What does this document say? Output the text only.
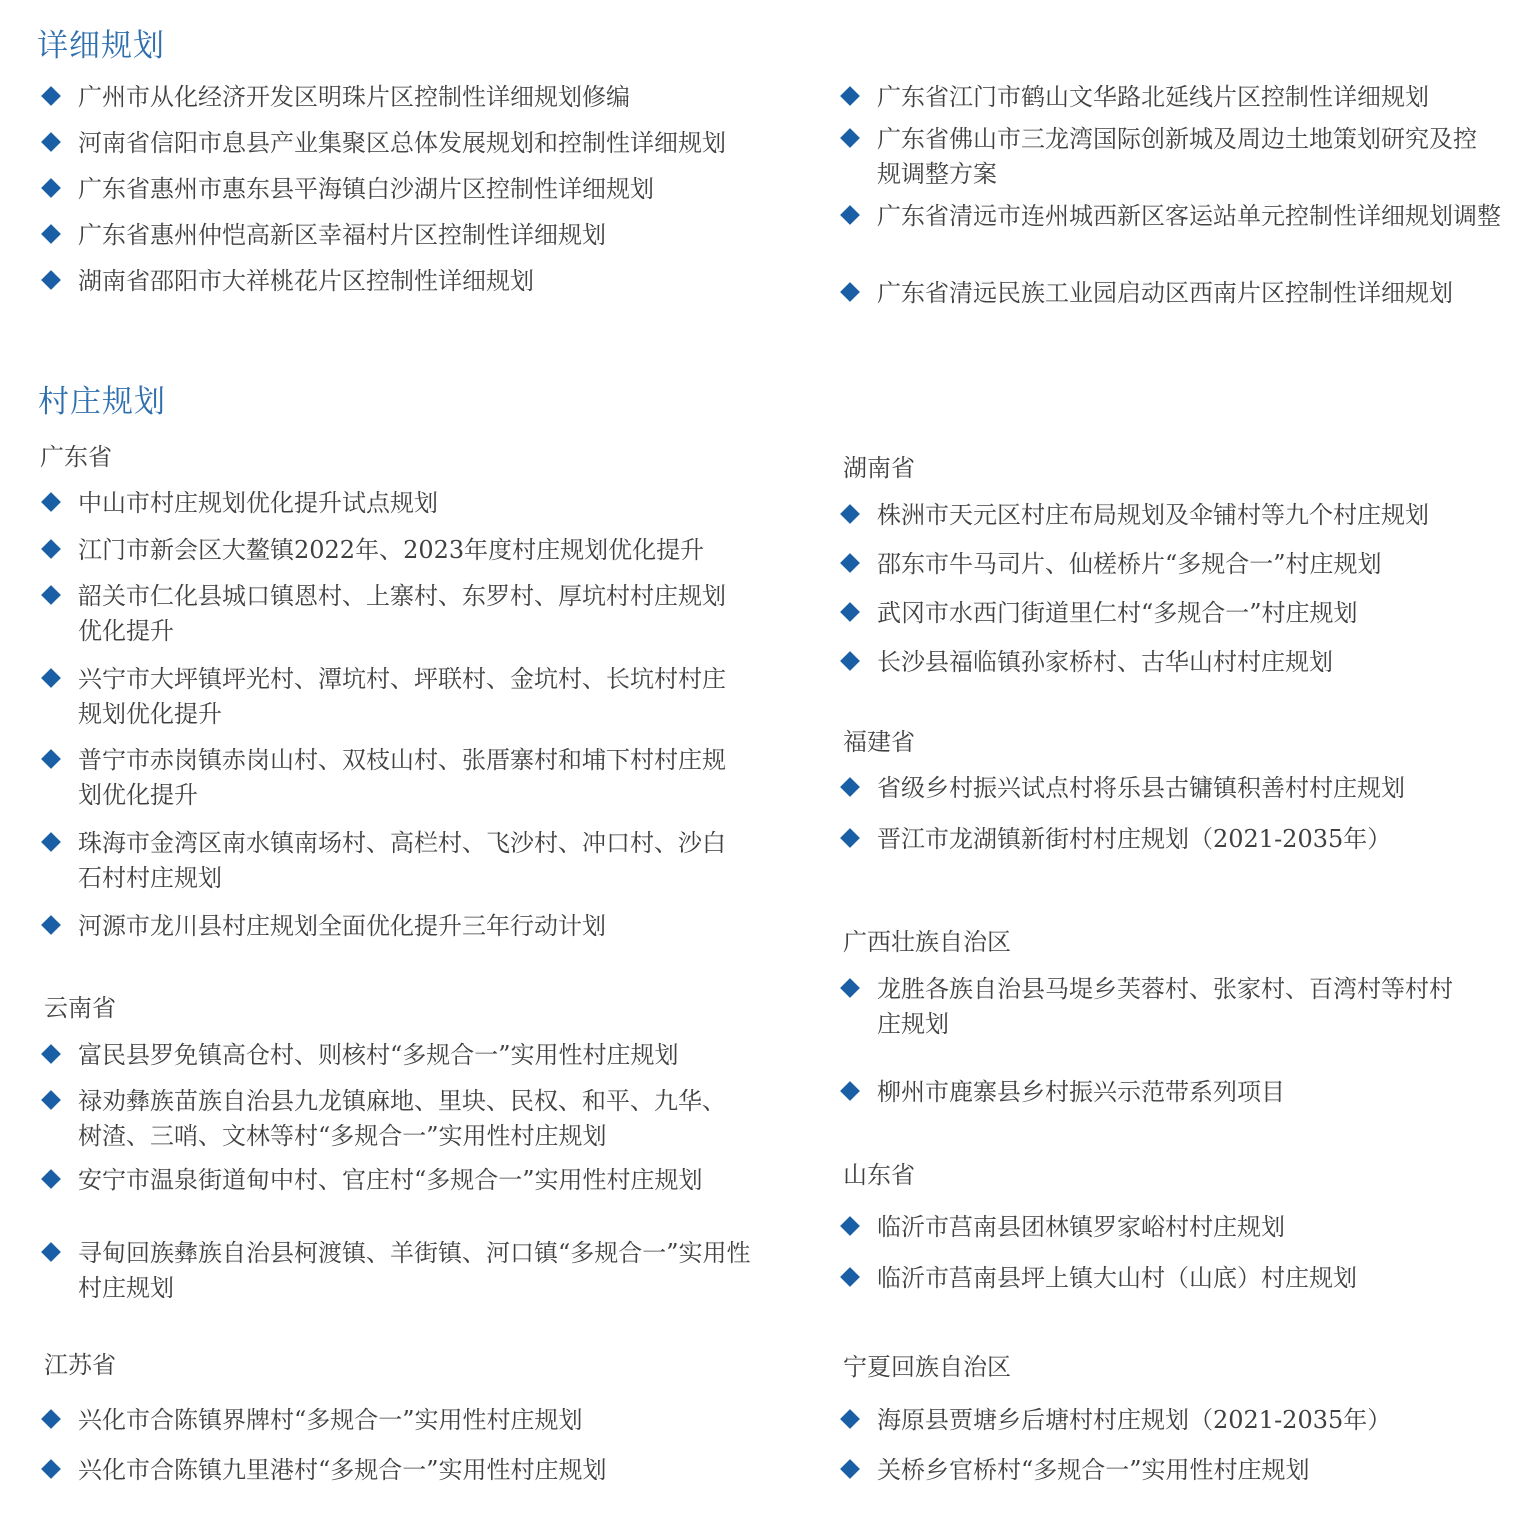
详细规划
广州市从化经济开发区明珠片区控制性详细规划修编
河南省信阳市息县产业集聚区总体发展规划和控制性详细规划
广东省惠州市惠东县平海镇白沙湖片区控制性详细规划
广东省惠州仲恺高新区幸福村片区控制性详细规划
湖南省邵阳市大祥桃花片区控制性详细规划
广东省江门市鹤山文华路北延线片区控制性详细规划
广东省佛山市三龙湾国际创新城及周边土地策划研究及控规调整方案
广东省清远市连州城西新区客运站单元控制性详细规划调整
广东省清远民族工业园启动区西南片区控制性详细规划
村庄规划
广东省
中山市村庄规划优化提升试点规划
江门市新会区大鳌镇2022年、2023年度村庄规划优化提升
韶关市仁化县城口镇恩村、上寨村、东罗村、厚坑村村庄规划优化提升
兴宁市大坪镇坪光村、潭坑村、坪联村、金坑村、长坑村村庄规划优化提升
普宁市赤岗镇赤岗山村、双枝山村、张厝寨村和埔下村村庄规划优化提升
珠海市金湾区南水镇南场村、高栏村、飞沙村、冲口村、沙白石村村庄规划
河源市龙川县村庄规划全面优化提升三年行动计划
云南省
富民县罗免镇高仓村、则核村“多规合一”实用性村庄规划
禄劝彝族苗族自治县九龙镇麻地、里块、民权、和平、九华、树渣、三哨、文林等村“多规合一”实用性村庄规划
安宁市温泉街道甸中村、官庄村“多规合一”实用性村庄规划
寻甸回族彝族自治县柯渡镇、羊街镇、河口镇“多规合一”实用性村庄规划
江苏省
兴化市合陈镇界牌村“多规合一”实用性村庄规划
兴化市合陈镇九里港村“多规合一”实用性村庄规划
湖南省
株洲市天元区村庄布局规划及伞铺村等九个村庄规划
邵东市牛马司片、仙槎桥片“多规合一”村庄规划
武冈市水西门街道里仁村“多规合一”村庄规划
长沙县福临镇孙家桥村、古华山村村庄规划
福建省
省级乡村振兴试点村将乐县古镛镇积善村村庄规划
晋江市龙湖镇新街村村庄规划（2021-2035年）
广西壮族自治区
龙胜各族自治县马堤乡芙蓉村、张家村、百湾村等村村庄规划
柳州市鹿寨县乡村振兴示范带系列项目
山东省
临沂市莒南县团林镇罗家峪村村庄规划
临沂市莒南县坪上镇大山村（山底）村庄规划
宁夏回族自治区
海原县贾塘乡后塘村村庄规划（2021-2035年）
关桥乡官桥村“多规合一”实用性村庄规划
